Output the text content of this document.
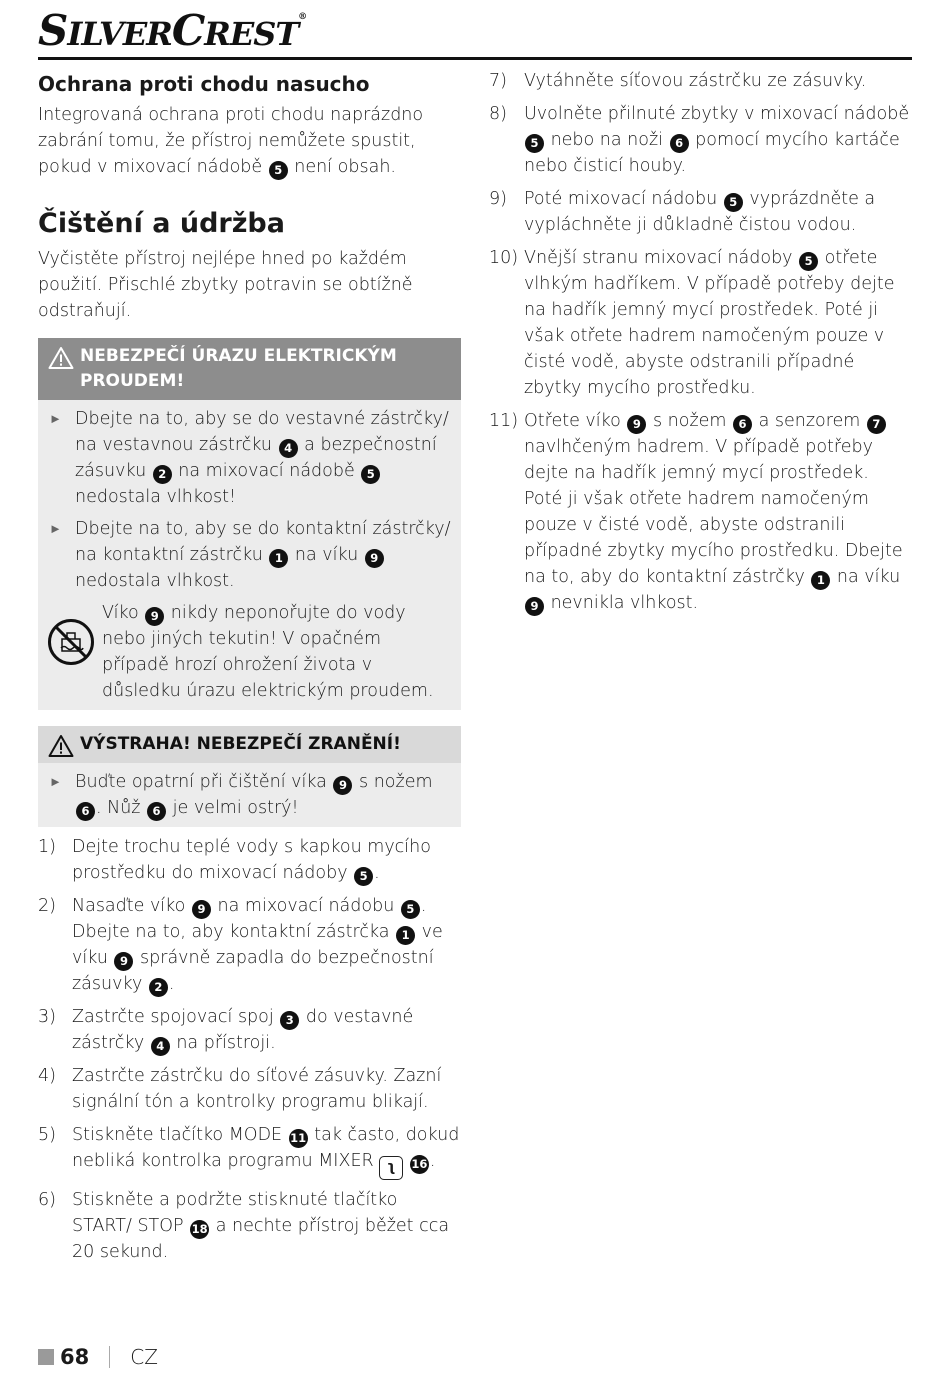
SILVERCREST®
Ochrana proti chodu nasucho
Integrovaná ochrana proti chodu naprázdno zabrání tomu, že přístroj nemůžete spustit, pokud v mixovací nádobě 5 není obsah.
Čištění a údržba
Vyčistěte přístroj nejlépe hned po každém použití. Přischlé zbytky potravin se obtížně odstraňují.
NEBEZPEČÍ ÚRAZU ELEKTRICKÝM PROUDEM!
► Dbejte na to, aby se do vestavné zástrčky/ na vestavnou zástrčku 4 a bezpečnostní zásuvku 2 na mixovací nádobě 5 nedostala vlhkost!
► Dbejte na to, aby se do kontaktní zástrčky/ na kontaktní zástrčku 1 na víku 9 nedostala vlhkost.
Víko 9 nikdy neponořujte do vody nebo jiných tekutin! V opačném případě hrozí ohrožení života v důsledku úrazu elektrickým proudem.
VÝSTRAHA! NEBEZPEČÍ ZRANĚNÍ!
► Buďte opatrní při čištění víka 9 s nožem 6 . Nůž 6 je velmi ostrý!
1) Dejte trochu teplé vody s kapkou mycího prostředku do mixovací nádoby 5 .
2) Nasaďte víko 9 na mixovací nádobu 5 . Dbejte na to, aby kontaktní zástrčka 1 ve víku 9 správně zapadla do bezpečnostní zásuvky 2 .
3) Zastrčte spojovací spoj 3 do vestavné zástrčky 4 na přístroji.
4) Zastrčte zástrčku do síťové zásuvky. Zazní signální tón a kontrolky programu blikají.
5) Stiskněte tlačítko MODE 11 tak často, dokud nebliká kontrolka programu MIXER ʅ 16 .
6) Stiskněte a podržte stisknuté tlačítko START/ STOP 18 a nechte přístroj běžet cca 20 sekund.
7) Vytáhněte síťovou zástrčku ze zásuvky.
8) Uvolněte přilnuté zbytky v mixovací nádobě 5 nebo na noži 6 pomocí mycího kartáče nebo čisticí houby.
9) Poté mixovací nádobu 5 vyprázdněte a vypláchněte ji důkladně čistou vodou.
10) Vnější stranu mixovací nádoby 5 otřete vlhkým hadříkem. V případě potřeby dejte na hadřík jemný mycí prostředek. Poté ji však otřete hadrem namočeným pouze v čisté vodě, abyste odstranili případné zbytky mycího prostředku.
11) Otřete víko 9 s nožem 6 a senzorem 7 navlhčeným hadrem. V případě potřeby dejte na hadřík jemný mycí prostředek. Poté ji však otřete hadrem namočeným pouze v čisté vodě, abyste odstranili případné zbytky mycího prostředku. Dbejte na to, aby do kontaktní zástrčky 1 na víku 9 nevnikla vlhkost.
68 CZ
